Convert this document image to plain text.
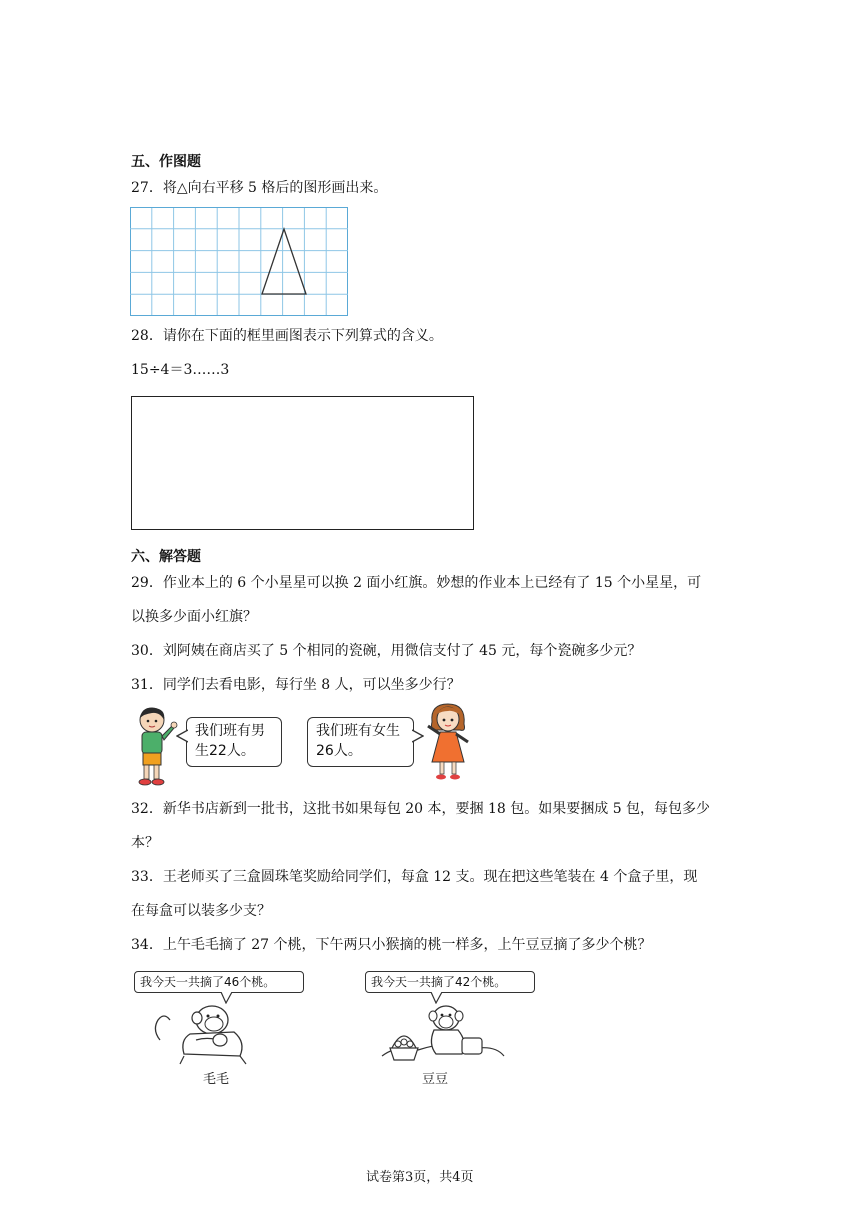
五、作图题
27．将△向右平移 5 格后的图形画出来。
28．请你在下面的框里画图表示下列算式的含义。
15÷4＝3……3
六、解答题
29．作业本上的 6 个小星星可以换 2 面小红旗。妙想的作业本上已经有了 15 个小星星，可
以换多少面小红旗？
30．刘阿姨在商店买了 5 个相同的瓷碗，用微信支付了 45 元，每个瓷碗多少元？
31．同学们去看电影，每行坐 8 人，可以坐多少行？
我们班有男
生22人。
我们班有女生
26人。
32．新华书店新到一批书，这批书如果每包 20 本，要捆 18 包。如果要捆成 5 包，每包多少
本？
33．王老师买了三盒圆珠笔奖励给同学们，每盒 12 支。现在把这些笔装在 4 个盒子里，现
在每盒可以装多少支？
34．上午毛毛摘了 27 个桃，下午两只小猴摘的桃一样多，上午豆豆摘了多少个桃？
我今天一共摘了46个桃。
毛毛
我今天一共摘了42个桃。
豆豆
试卷第3页，共4页
